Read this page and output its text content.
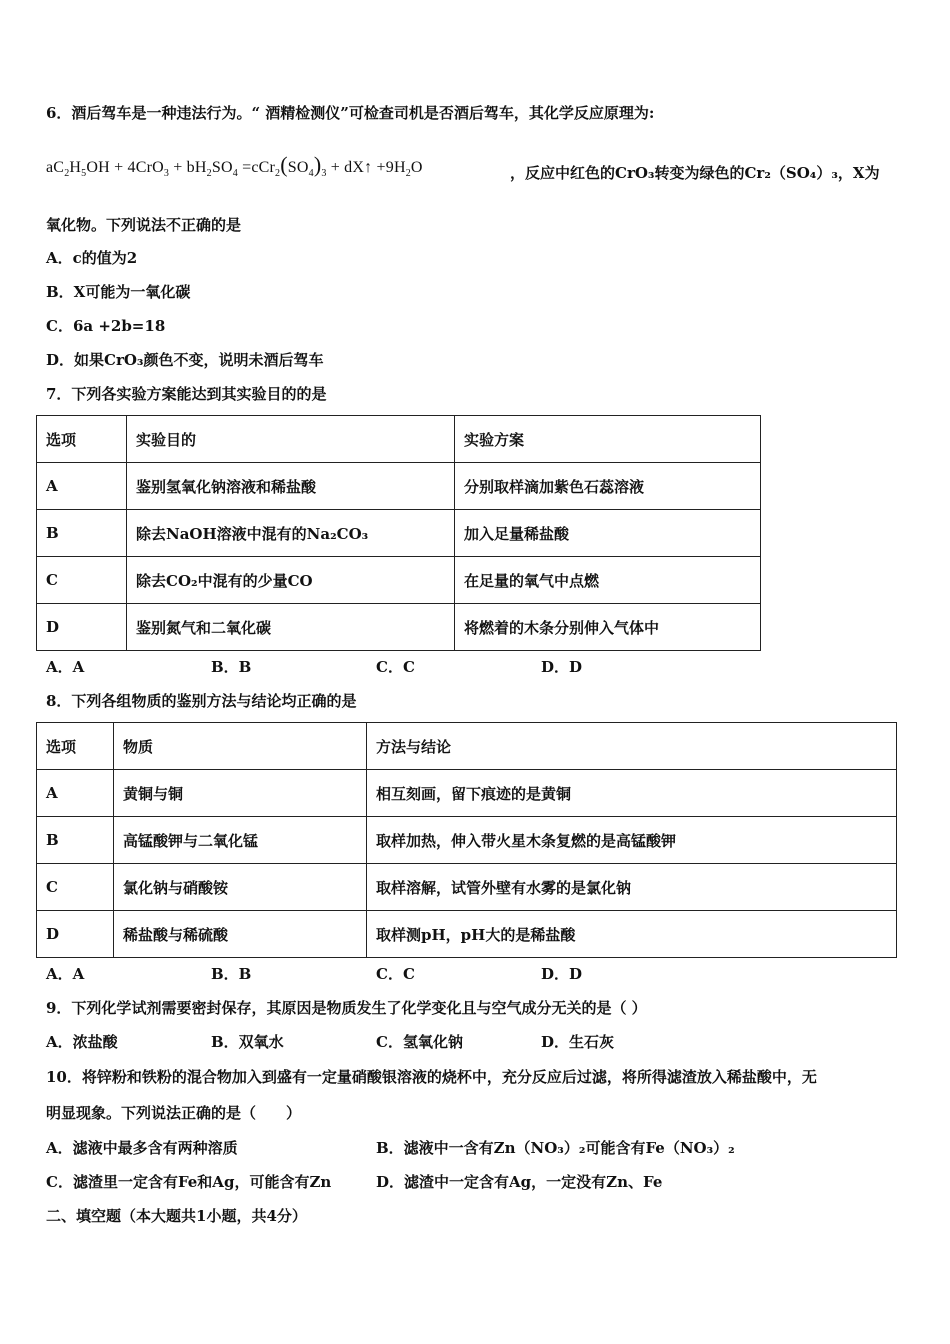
6．酒后驾车是一种违法行为。“ 酒精检测仪”可检查司机是否酒后驾车，其化学反应原理为:
$aC_2H_5OH + 4CrO_3 + bH_2SO_4 =cCr_2(SO_4)_3$ + dX↑ $+9H_2O$	，反应中红色的CrO₃转变为绿色的Cr₂（SO₄）₃，X为
氧化物。下列说法不正确的是
A．c的值为2
B．X可能为一氧化碳
C．6a +2b=18
D．如果CrO₃颜色不变，说明未酒后驾车
7．下列各实验方案能达到其实验目的的是
选项	实验目的	实验方案
A	鉴别氢氧化钠溶液和稀盐酸	分别取样滴加紫色石蕊溶液
B	除去NaOH溶液中混有的Na₂CO₃	加入足量稀盐酸
C	除去CO₂中混有的少量CO	在足量的氧气中点燃
D	鉴别氮气和二氧化碳	将燃着的木条分别伸入气体中
A．A	B．B	C．C	D．D
8．下列各组物质的鉴别方法与结论均正确的是
选项	物质	方法与结论
A	黄铜与铜	相互刻画，留下痕迹的是黄铜
B	高锰酸钾与二氧化锰	取样加热，伸入带火星木条复燃的是高锰酸钾
C	氯化钠与硝酸铵	取样溶解，试管外壁有水雾的是氯化钠
D	稀盐酸与稀硫酸	取样测pH，pH大的是稀盐酸
A．A	B．B	C．C	D．D
9．下列化学试剂需要密封保存，其原因是物质发生了化学变化且与空气成分无关的是（ ）
A．浓盐酸	B．双氧水	C．氢氧化钠	D．生石灰
10．将锌粉和铁粉的混合物加入到盛有一定量硝酸银溶液的烧杯中，充分反应后过滤，将所得滤渣放入稀盐酸中，无
明显现象。下列说法正确的是（　　）
A．滤液中最多含有两种溶质	B．滤液中一含有Zn（NO₃）₂可能含有Fe（NO₃）₂
C．滤渣里一定含有Fe和Ag，可能含有Zn	D．滤渣中一定含有Ag，一定没有Zn、Fe
二、填空题（本大题共1小题，共4分）
